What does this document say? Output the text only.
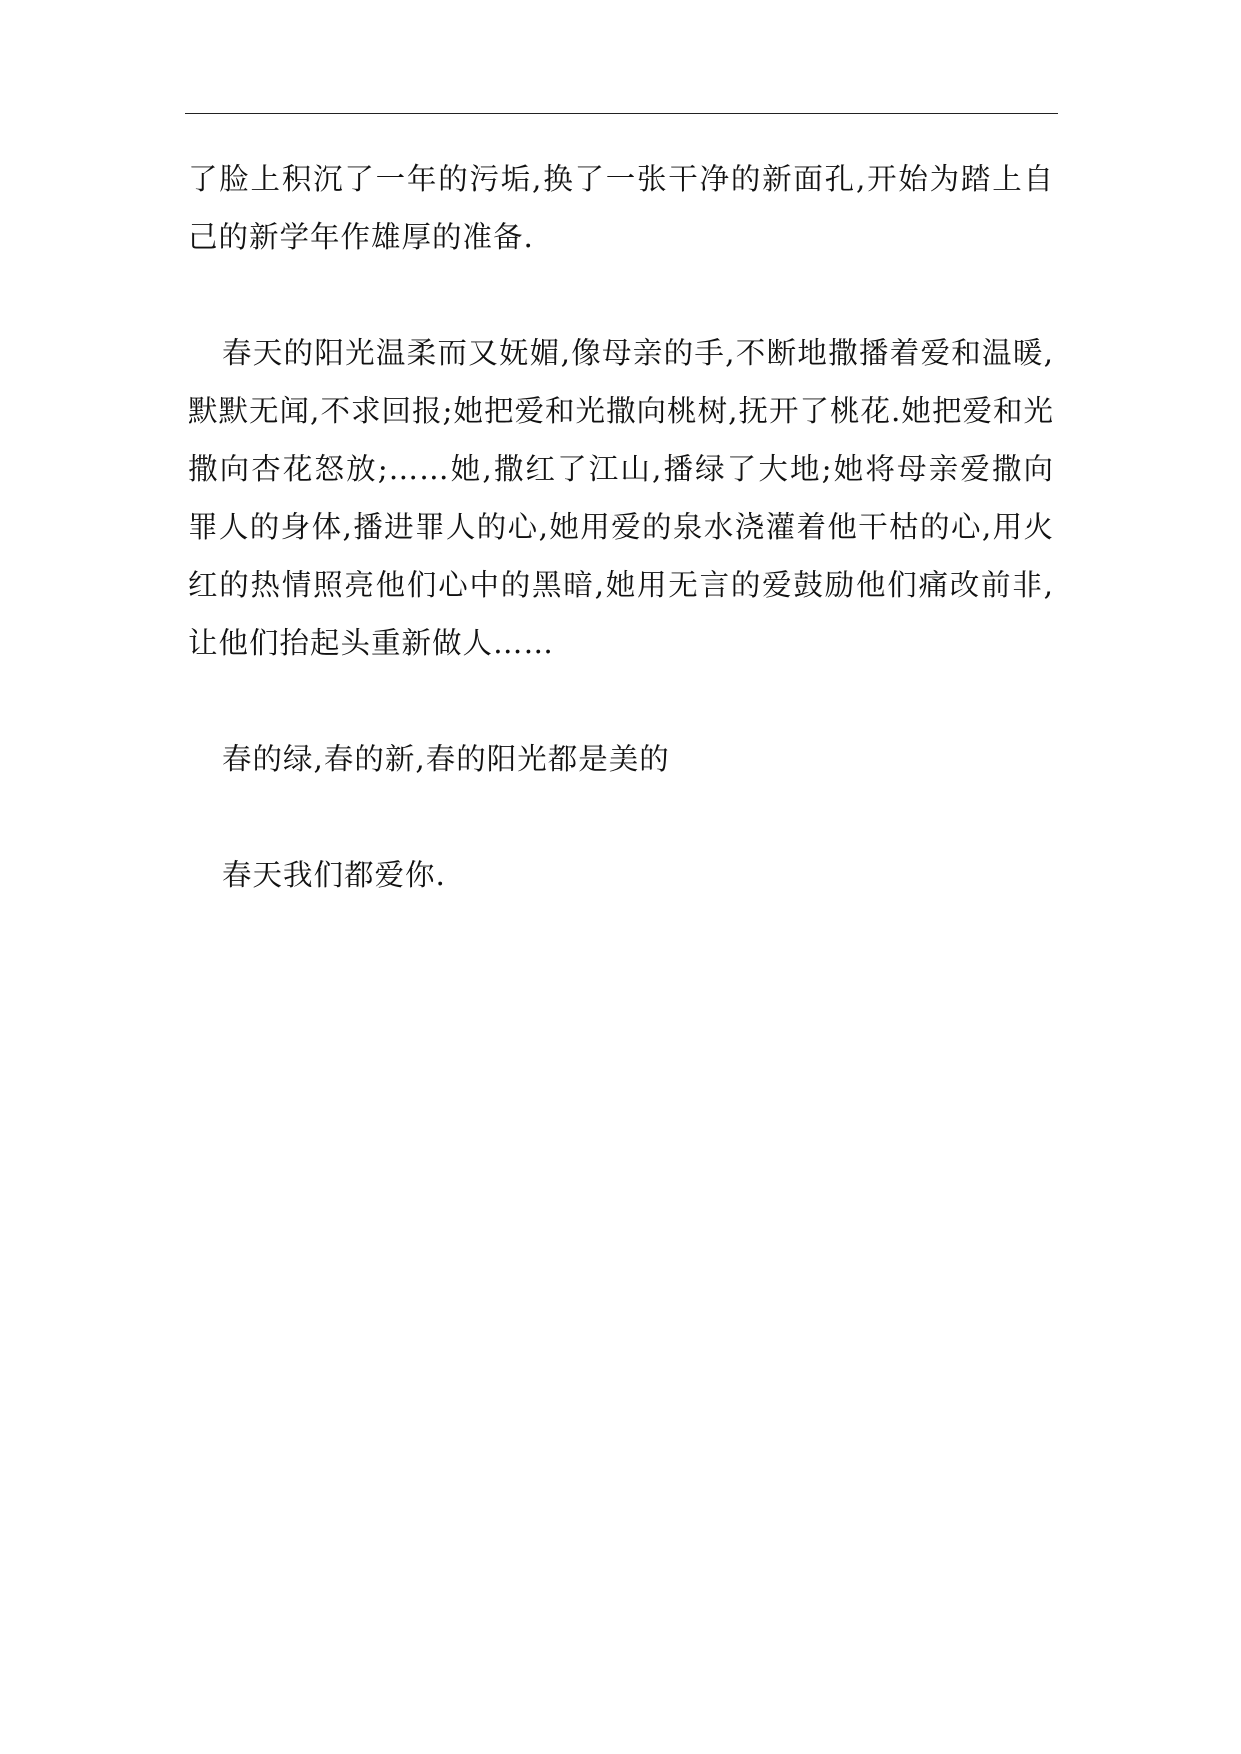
了脸上积沉了一年的污垢,换了一张干净的新面孔,开始为踏上自己的新学年作雄厚的准备.

春天的阳光温柔而又妩媚,像母亲的手,不断地撒播着爱和温暖,默默无闻,不求回报;她把爱和光撒向桃树,抚开了桃花.她把爱和光撒向杏花怒放;……她,撒红了江山,播绿了大地;她将母亲爱撒向罪人的身体,播进罪人的心,她用爱的泉水浇灌着他干枯的心,用火红的热情照亮他们心中的黑暗,她用无言的爱鼓励他们痛改前非,让他们抬起头重新做人……

春的绿,春的新,春的阳光都是美的

春天我们都爱你.
